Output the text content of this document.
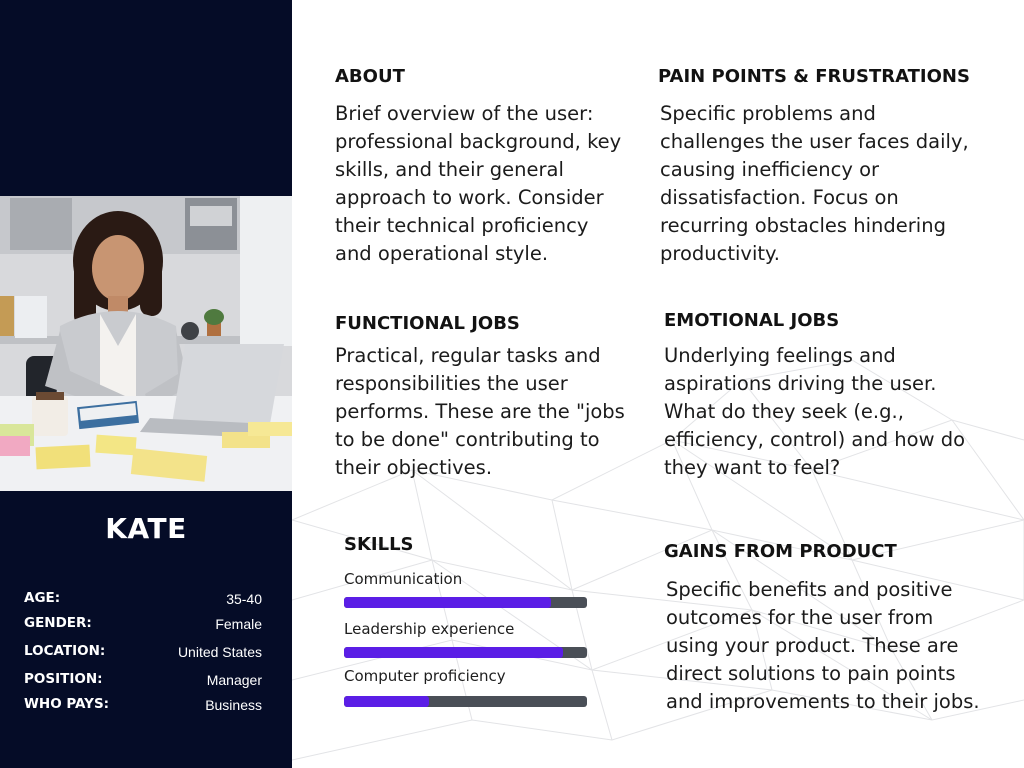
KATE
AGE:	35-40
GENDER:	Female
LOCATION:	United States
POSITION:	Manager
WHO PAYS:	Business
ABOUT
Brief overview of the user:
professional background, key
skills, and their general
approach to work. Consider
their technical proficiency
and operational style.
PAIN POINTS & FRUSTRATIONS
Specific problems and
challenges the user faces daily,
causing inefficiency or
dissatisfaction. Focus on
recurring obstacles hindering
productivity.
FUNCTIONAL JOBS
Practical, regular tasks and
responsibilities the user
performs. These are the "jobs
to be done" contributing to
their objectives.
EMOTIONAL JOBS
Underlying feelings and
aspirations driving the user.
What do they seek (e.g.,
efficiency, control) and how do
they want to feel?
SKILLS
Communication
Leadership experience
Computer proficiency
GAINS FROM PRODUCT
Specific benefits and positive
outcomes for the user from
using your product. These are
direct solutions to pain points
and improvements to their jobs.
